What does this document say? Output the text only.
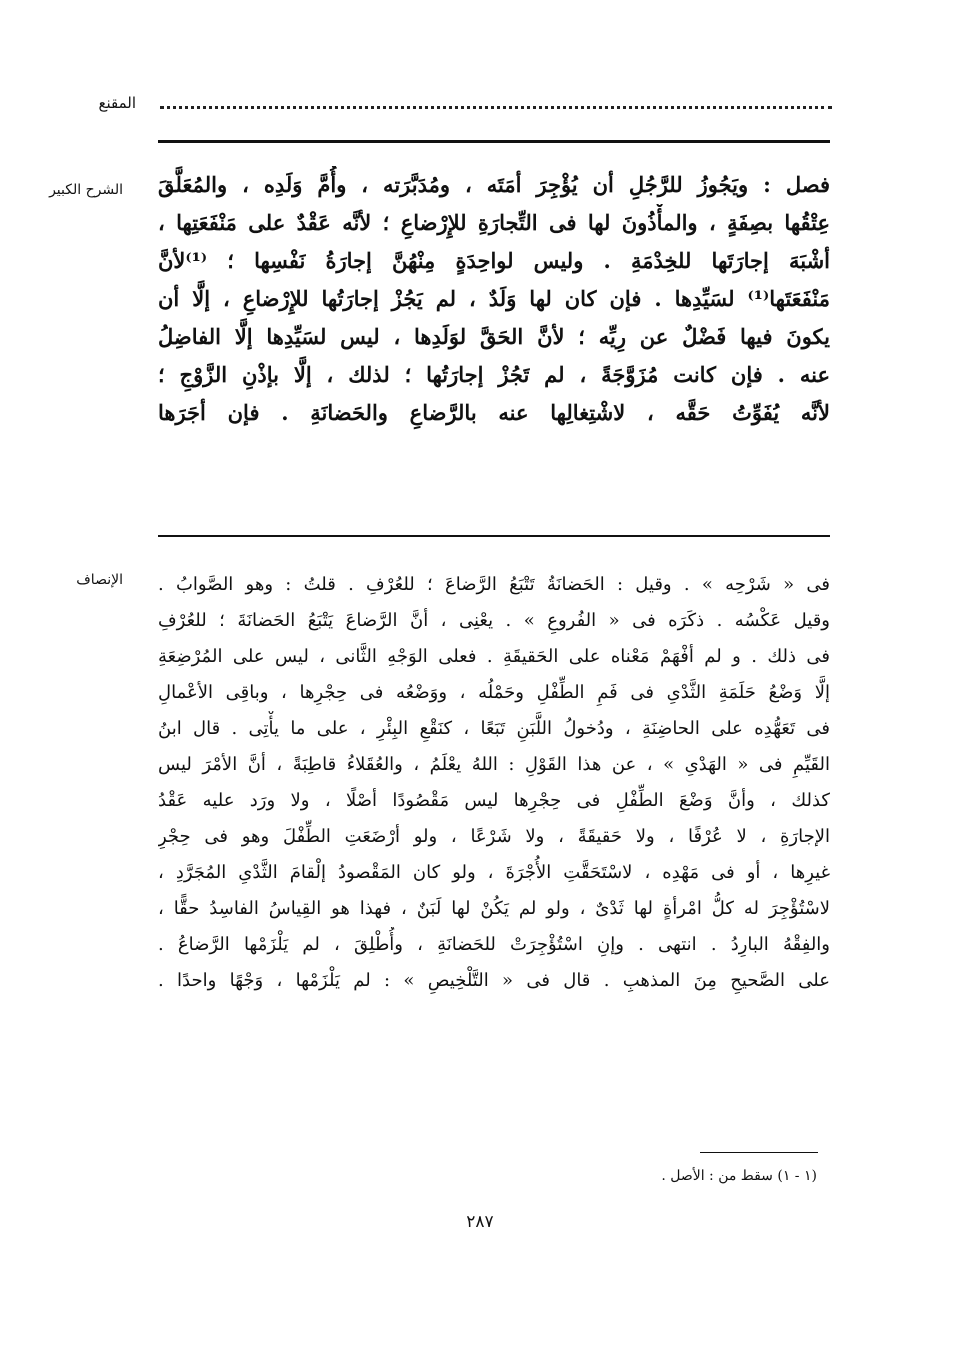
المقنع
الشرح الكبير فصل : ويَجُوزُ للرَّجُلِ أن يُؤْجِرَ أمَتَه ، ومُدَبَّرَته ، وأُمَّ وَلَدِه ، والمُعَلَّقَ
عِتْقُها بصِفَةٍ ، والمأْذُونَ لها فى التِّجارَةِ للإِرْضاعِ ؛ لأنَّه عَقْدٌ على مَنْفَعَتِها ،
أشْبَهَ إجارَتَها للخِدْمَةِ . وليس لواحِدَةٍ مِنْهُنَّ إجارَةُ نَفْسِها ؛ ⁽¹⁾لأنَّ
مَنْفَعَتَها⁽¹⁾ لسَيِّدِها . فإن كان لها وَلَدٌ ، لم يَجُزْ إجارَتُها للإِرْضاعِ ، إلَّا أن
يكونَ فيها فَضْلٌ عن رِيِّه ؛ لأنَّ الحَقَّ لوَلَدِها ، ليس لسَيِّدِها إلَّا الفاضِلُ
عنه . فإن كانت مُزَوَّجَةً ، لم تَجُزْ إجارَتُها ؛ لذلك ، إلَّا بإذْنِ الزَّوْجِ ؛
لأنَّه يُفَوِّتُ حَقَّه ، لاشْتِغالِها عنه بالرَّضاعِ والحَضانَةِ . فإن أجَرَها
الإنصاف فى « شَرْحِه » . وقيل : الحَضانَةُ تَتْبَعُ الرَّضاعَ ؛ للعُرْفِ . قلتُ : وهو الصَّوابُ .
وقيل عَكْسُه . ذكَرَه فى « الفُروعِ » . يعْنِى ، أنَّ الرَّضاعَ يَتْبَعُ الحَضانَةَ ؛ للعُرْفِ
فى ذلك . و لم أفْهَمْ مَعْناه على الحَقيقَةِ . فعلى الوَجْهِ الثَّانى ، ليس على المُرْضِعَةِ
إلَّا وَضْعُ حَلَمَةِ الثَّدْىِ فى فَمِ الطِّفْلِ وحَمْلُه ، ووَضْعُه فى حِجْرِها ، وباقِى الأعْمالِ
فى تَعَهُّدِه على الحاضِنَةِ ، ودُخولُ اللَّبَنِ تَبَعًا ، كنَقْعِ البِئْرِ ، على ما يأْتِى . قال ابنُ
القَيِّمِ فى « الهَدْىِ » ، عن هذا القَوْلِ : اللهُ يعْلَمُ ، والعُقَلاءُ قاطِبَةً ، أنَّ الأمْرَ ليس
كذلك ، وأنَّ وَضْعَ الطِّفْلِ فى حِجْرِها ليس مَقْصُودًا أصْلًا ، ولا ورَد عليه عَقْدُ
الإجارَةِ ، لا عُرْفًا ، ولا حَقيقَةً ، ولا شَرْعًا ، ولو أرْضَعَتِ الطِّفْلَ وهو فى حِجْرِ
غيرِها ، أو فى مَهْدِه ، لاسْتَحَقَّتِ الأُجْرَةَ ، ولو كان المَقْصودُ إلْقامَ الثَّدْىِ المُجَرَّدِ ،
لاسْتُؤْجِرَ له كلُّ امْرأةٍ لها ثَدْىٌ ، ولو لم يَكُنْ لها لَبَنٌ ، فهذا هو القِياسُ الفاسِدُ حقًّا ،
والفِقْهُ البارِدُ . انتهى . وإنِ اسْتُؤْجِرَتْ للحَضانَةِ ، وأُطْلِقَ ، لم يَلْزَمْها الرَّضاعُ .
على الصَّحيحِ مِنَ المذهبِ . قال فى « التَّلْخِيصِ » : لم يَلْزَمْها ، وَجْهًا واحدًا .
(١ - ١) سقط من : الأصل .
٢٨٧
